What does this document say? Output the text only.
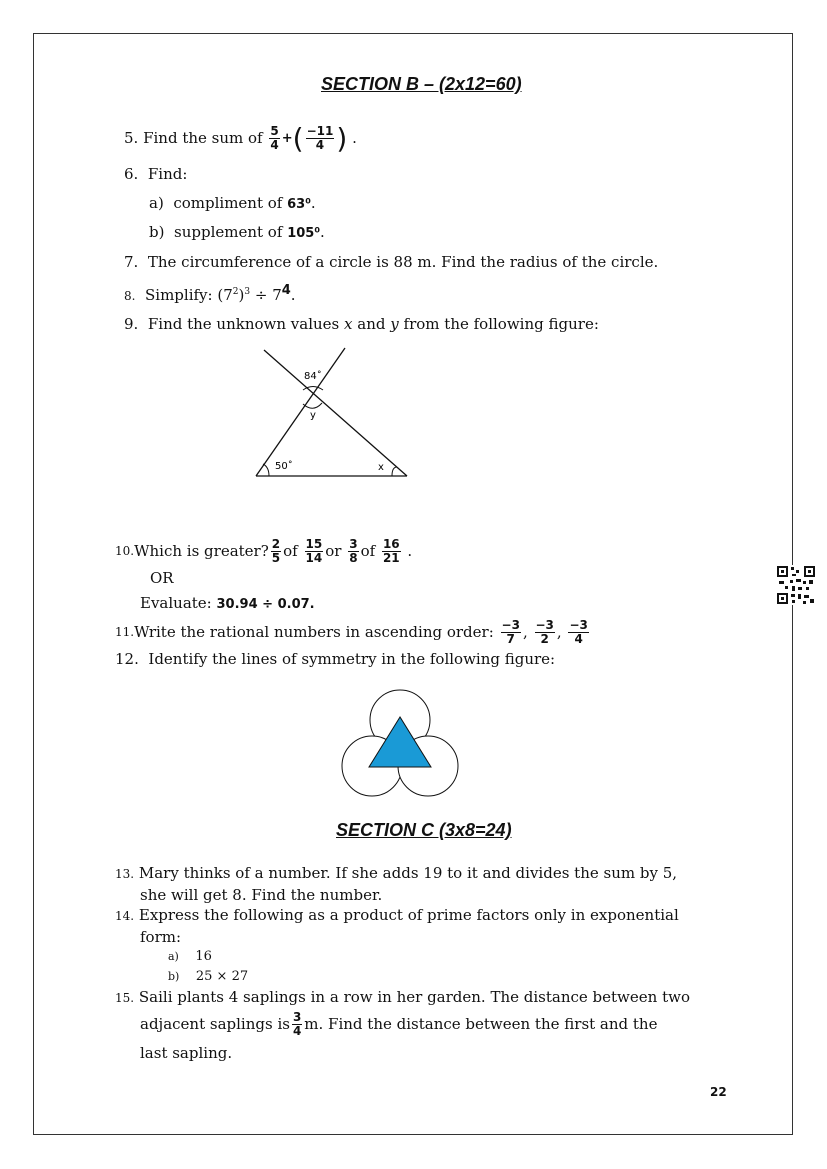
SECTION B – (2x12=60)
5.
Find the sum of
$\frac{5}{4}$ + ( $\frac{-11}{4}$ )
.
6. Find:
a) compliment of 63⁰.
b) supplement of 105⁰.
7. The circumference of a circle is 88 m. Find the radius of the circle.
8. Simplify: $(7^2)^3 \div 7^4$.
9. Find the unknown values x and y from the following figure:
84˚
y
50˚	x
10. Which is greater? $\frac{2}{5}$ of
$\frac{15}{14}$ or
$\frac{3}{8}$ of
$\frac{16}{21}$
.
OR
Evaluate: 30.94 ÷ 0.07.
11. Write the rational numbers in ascending order:
$\frac{-3}{7}$ ,
$\frac{-3}{2}$ ,
$\frac{-3}{4}$
12. Identify the lines of symmetry in the following figure:
SECTION C (3x8=24)
13. Mary thinks of a number. If she adds 19 to it and divides the sum by 5,
she will get 8. Find the number.
14. Express the following as a product of prime factors only in exponential
form:
a) 16
b) 25 × 27
15. Saili plants 4 saplings in a row in her garden. The distance between two
adjacent saplings is $\frac{3}{4} m$. Find the distance between the first and the
last sapling.
22
